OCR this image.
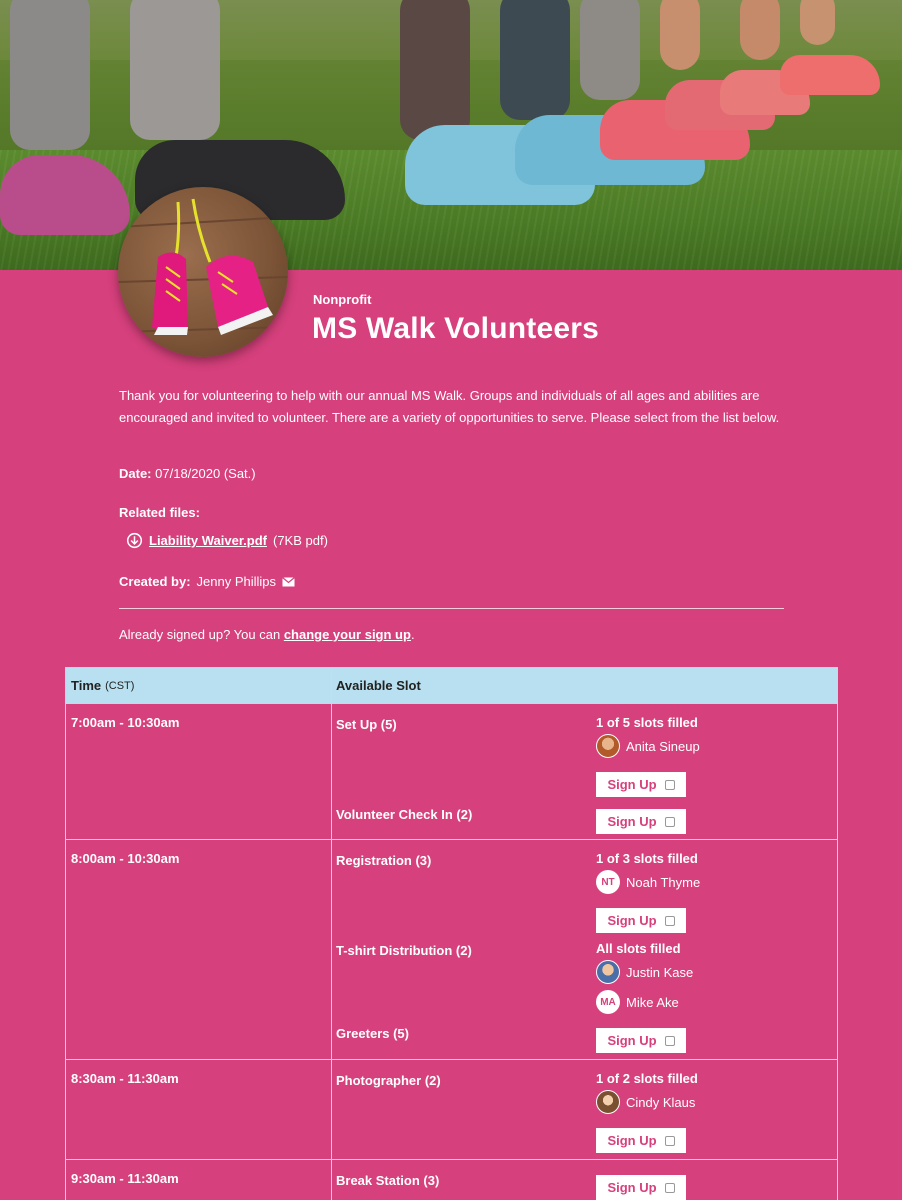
Nonprofit
MS Walk Volunteers

Thank you for volunteering to help with our annual MS Walk. Groups and individuals of all ages and abilities are encouraged and invited to volunteer. There are a variety of opportunities to serve. Please select from the list below.

Date: 07/18/2020 (Sat.)
Related files:
Liability Waiver.pdf (7KB pdf)
Created by: Jenny Phillips
Already signed up? You can change your sign up.
Time (CST)	Available Slot
7:00am - 10:30am	Set Up (5)	1 of 5 slots filled
Anita Sineup
Sign Up
Volunteer Check In (2)	Sign Up
8:00am - 10:30am	Registration (3)	1 of 3 slots filled
NT Noah Thyme
Sign Up
T-shirt Distribution (2)	All slots filled
Justin Kase
MA Mike Ake
Greeters (5)	Sign Up
8:30am - 11:30am	Photographer (2)	1 of 2 slots filled
Cindy Klaus
Sign Up
9:30am - 11:30am	Break Station (3)	Sign Up
